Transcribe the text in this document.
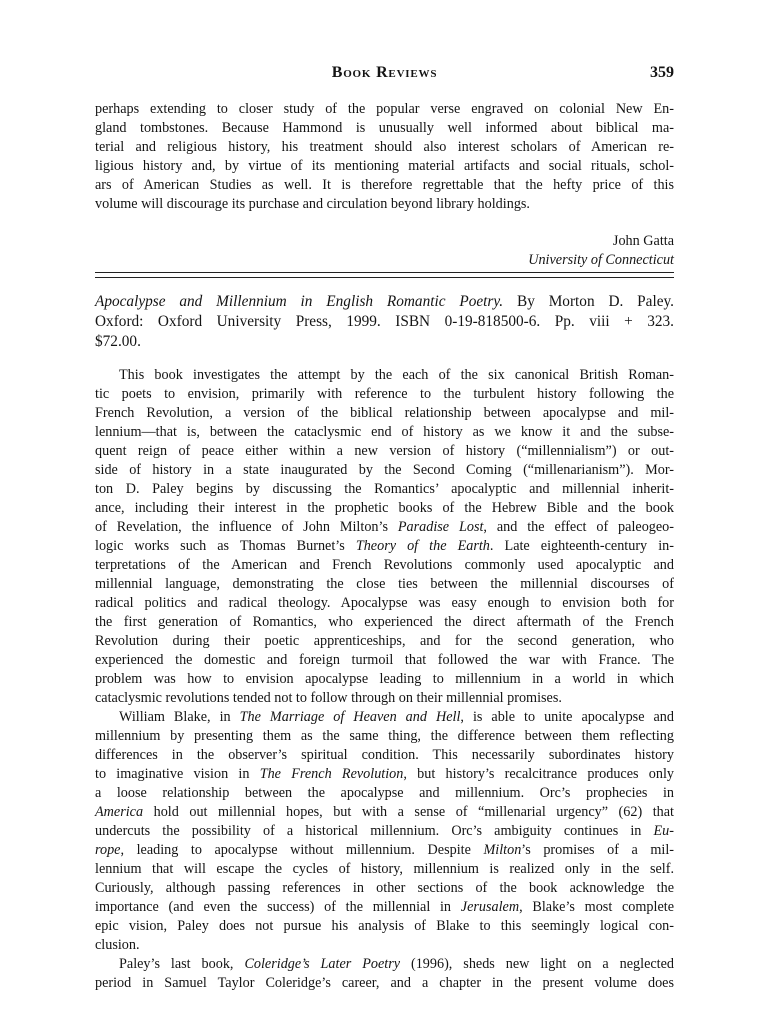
Book Reviews	359
perhaps extending to closer study of the popular verse engraved on colonial New En-
gland tombstones. Because Hammond is unusually well informed about biblical ma-
terial and religious history, his treatment should also interest scholars of American re-
ligious history and, by virtue of its mentioning material artifacts and social rituals, schol-
ars of American Studies as well. It is therefore regrettable that the hefty price of this
volume will discourage its purchase and circulation beyond library holdings.
John Gatta
University of Connecticut
Apocalypse and Millennium in English Romantic Poetry. By Morton D. Paley.
Oxford: Oxford University Press, 1999. ISBN 0-19-818500-6. Pp. viii + 323.
$72.00.
This book investigates the attempt by the each of the six canonical British Roman-
tic poets to envision, primarily with reference to the turbulent history following the
French Revolution, a version of the biblical relationship between apocalypse and mil-
lennium—that is, between the cataclysmic end of history as we know it and the subse-
quent reign of peace either within a new version of history (“millennialism”) or out-
side of history in a state inaugurated by the Second Coming (“millenarianism”). Mor-
ton D. Paley begins by discussing the Romantics’ apocalyptic and millennial inherit-
ance, including their interest in the prophetic books of the Hebrew Bible and the book
of Revelation, the influence of John Milton’s Paradise Lost, and the effect of paleogeo-
logic works such as Thomas Burnet’s Theory of the Earth. Late eighteenth-century in-
terpretations of the American and French Revolutions commonly used apocalyptic and
millennial language, demonstrating the close ties between the millennial discourses of
radical politics and radical theology. Apocalypse was easy enough to envision both for
the first generation of Romantics, who experienced the direct aftermath of the French
Revolution during their poetic apprenticeships, and for the second generation, who
experienced the domestic and foreign turmoil that followed the war with France. The
problem was how to envision apocalypse leading to millennium in a world in which
cataclysmic revolutions tended not to follow through on their millennial promises.
William Blake, in The Marriage of Heaven and Hell, is able to unite apocalypse and
millennium by presenting them as the same thing, the difference between them reflecting
differences in the observer’s spiritual condition. This necessarily subordinates history
to imaginative vision in The French Revolution, but history’s recalcitrance produces only
a loose relationship between the apocalypse and millennium. Orc’s prophecies in
America hold out millennial hopes, but with a sense of “millenarial urgency” (62) that
undercuts the possibility of a historical millennium. Orc’s ambiguity continues in Eu-
rope, leading to apocalypse without millennium. Despite Milton’s promises of a mil-
lennium that will escape the cycles of history, millennium is realized only in the self.
Curiously, although passing references in other sections of the book acknowledge the
importance (and even the success) of the millennial in Jerusalem, Blake’s most complete
epic vision, Paley does not pursue his analysis of Blake to this seemingly logical con-
clusion.
Paley’s last book, Coleridge’s Later Poetry (1996), sheds new light on a neglected
period in Samuel Taylor Coleridge’s career, and a chapter in the present volume does
